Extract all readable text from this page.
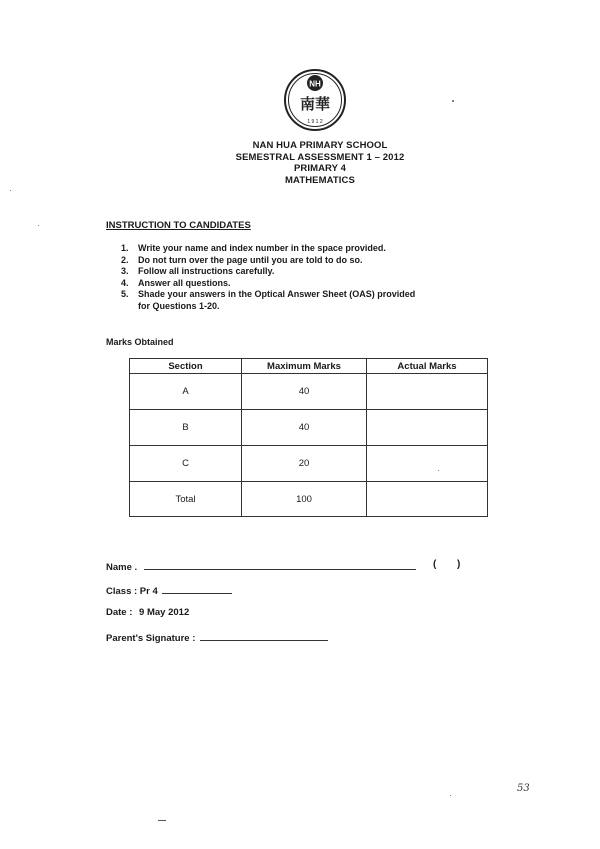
NH
南華
1 9 1 2
NAN HUA PRIMARY SCHOOL
SEMESTRAL ASSESSMENT 1 – 2012
PRIMARY 4
MATHEMATICS
INSTRUCTION TO CANDIDATES
1.	Write your name and index number in the space provided.
2.	Do not turn over the page until you are told to do so.
3.	Follow all instructions carefully.
4.	Answer all questions.
5.	Shade your answers in the Optical Answer Sheet (OAS) provided
for Questions 1-20.
Marks Obtained
Section	Maximum Marks	Actual Marks
A	40	
B	40	
C	20	
Total	100	
Name .	( )
Class : Pr 4
Date : 9 May 2012
Parent's Signature :
53
